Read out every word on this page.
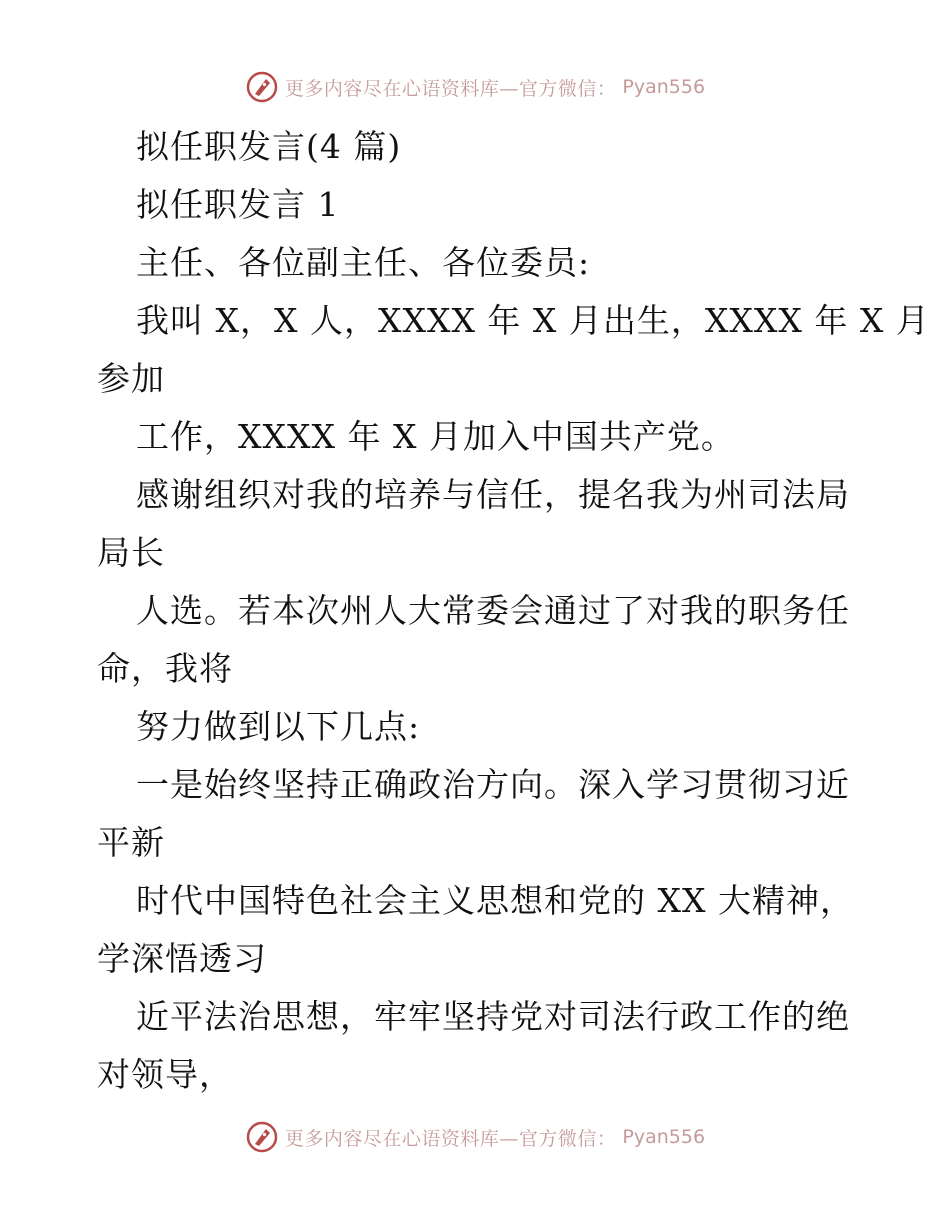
更多内容尽在心语资料库—官方微信： Pyan556
拟任职发言(4 篇)
拟任职发言 1
主任、各位副主任、各位委员:
我叫 X，X 人，XXXX 年 X 月出生，XXXX 年 X 月
参加
工作，XXXX 年 X 月加入中国共产党。
感谢组织对我的培养与信任，提名我为州司法局
局长
人选。若本次州人大常委会通过了对我的职务任
命，我将
努力做到以下几点:
一是始终坚持正确政治方向。深入学习贯彻习近
平新
时代中国特色社会主义思想和党的 XX 大精神，
学深悟透习
近平法治思想，牢牢坚持党对司法行政工作的绝
对领导，
更多内容尽在心语资料库—官方微信： Pyan556
